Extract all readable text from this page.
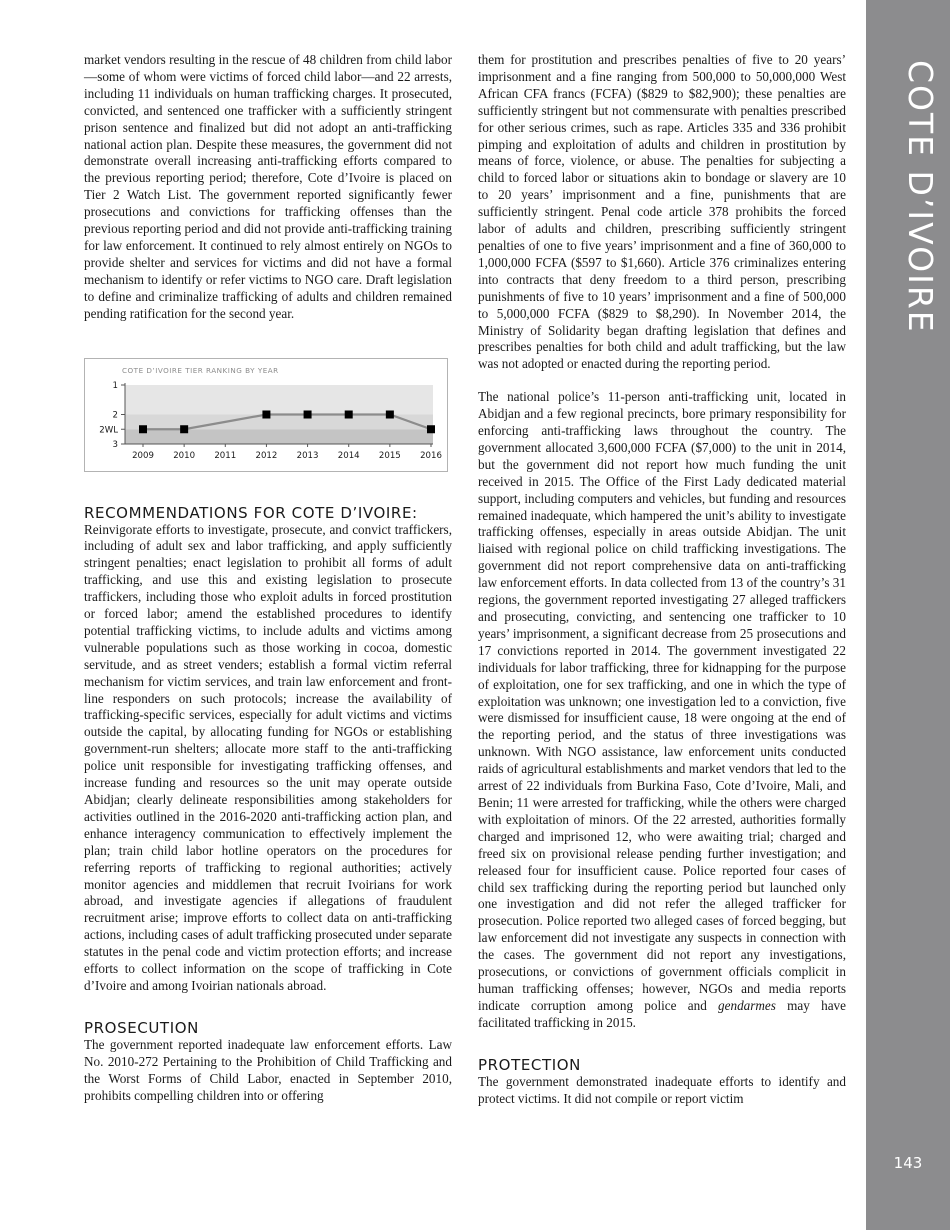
COTE D’IVOIRE
143

market vendors resulting in the rescue of 48 children from child labor—some of whom were victims of forced child labor—and 22 arrests, including 11 individuals on human trafficking charges. It prosecuted, convicted, and sentenced one trafficker with a sufficiently stringent prison sentence and finalized but did not adopt an anti-trafficking national action plan. Despite these measures, the government did not demonstrate overall increasing anti-trafficking efforts compared to the previous reporting period; therefore, Cote d’Ivoire is placed on Tier 2 Watch List. The government reported significantly fewer prosecutions and convictions for trafficking offenses than the previous reporting period and did not provide anti-trafficking training for law enforcement. It continued to rely almost entirely on NGOs to provide shelter and services for victims and did not have a formal mechanism to identify or refer victims to NGO care. Draft legislation to define and criminalize trafficking of adults and children remained pending ratification for the second year.

COTE D’IVOIRE TIER RANKING BY YEAR
1
2
2WL
3
2009 2010 2011 2012 2013 2014 2015 2016
RECOMMENDATIONS FOR COTE D’IVOIRE:

Reinvigorate efforts to investigate, prosecute, and convict traffickers, including of adult sex and labor trafficking, and apply sufficiently stringent penalties; enact legislation to prohibit all forms of adult trafficking, and use this and existing legislation to prosecute traffickers, including those who exploit adults in forced prostitution or forced labor; amend the established procedures to identify potential trafficking victims, to include adults and victims among vulnerable populations such as those working in cocoa, domestic servitude, and as street venders; establish a formal victim referral mechanism for victim services, and train law enforcement and front-line responders on such protocols; increase the availability of trafficking-specific services, especially for adult victims and victims outside the capital, by allocating funding for NGOs or establishing government-run shelters; allocate more staff to the anti-trafficking police unit responsible for investigating trafficking offenses, and increase funding and resources so the unit may operate outside Abidjan; clearly delineate responsibilities among stakeholders for activities outlined in the 2016-2020 anti-trafficking action plan, and enhance interagency communication to effectively implement the plan; train child labor hotline operators on the procedures for referring reports of trafficking to regional authorities; actively monitor agencies and middlemen that recruit Ivoirians for work abroad, and investigate agencies if allegations of fraudulent recruitment arise; improve efforts to collect data on anti-trafficking actions, including cases of adult trafficking prosecuted under separate statutes in the penal code and victim protection efforts; and increase efforts to collect information on the scope of trafficking in Cote d’Ivoire and among Ivoirian nationals abroad.

PROSECUTION

The government reported inadequate law enforcement efforts. Law No. 2010-272 Pertaining to the Prohibition of Child Trafficking and the Worst Forms of Child Labor, enacted in September 2010, prohibits compelling children into or offering

them for prostitution and prescribes penalties of five to 20 years’ imprisonment and a fine ranging from 500,000 to 50,000,000 West African CFA francs (FCFA) ($829 to $82,900); these penalties are sufficiently stringent but not commensurate with penalties prescribed for other serious crimes, such as rape. Articles 335 and 336 prohibit pimping and exploitation of adults and children in prostitution by means of force, violence, or abuse. The penalties for subjecting a child to forced labor or situations akin to bondage or slavery are 10 to 20 years’ imprisonment and a fine, punishments that are sufficiently stringent. Penal code article 378 prohibits the forced labor of adults and children, prescribing sufficiently stringent penalties of one to five years’ imprisonment and a fine of 360,000 to 1,000,000 FCFA ($597 to $1,660). Article 376 criminalizes entering into contracts that deny freedom to a third person, prescribing punishments of five to 10 years’ imprisonment and a fine of 500,000 to 5,000,000 FCFA ($829 to $8,290). In November 2014, the Ministry of Solidarity began drafting legislation that defines and prescribes penalties for both child and adult trafficking, but the law was not adopted or enacted during the reporting period.

The national police’s 11-person anti-trafficking unit, located in Abidjan and a few regional precincts, bore primary responsibility for enforcing anti-trafficking laws throughout the country. The government allocated 3,600,000 FCFA ($7,000) to the unit in 2014, but the government did not report how much funding the unit received in 2015. The Office of the First Lady dedicated material support, including computers and vehicles, but funding and resources remained inadequate, which hampered the unit’s ability to investigate trafficking offenses, especially in areas outside Abidjan. The unit liaised with regional police on child trafficking investigations. The government did not report comprehensive data on anti-trafficking law enforcement efforts. In data collected from 13 of the country’s 31 regions, the government reported investigating 27 alleged traffickers and prosecuting, convicting, and sentencing one trafficker to 10 years’ imprisonment, a significant decrease from 25 prosecutions and 17 convictions reported in 2014. The government investigated 22 individuals for labor trafficking, three for kidnapping for the purpose of exploitation, one for sex trafficking, and one in which the type of exploitation was unknown; one investigation led to a conviction, five were dismissed for insufficient cause, 18 were ongoing at the end of the reporting period, and the status of three investigations was unknown. With NGO assistance, law enforcement units conducted raids of agricultural establishments and market vendors that led to the arrest of 22 individuals from Burkina Faso, Cote d’Ivoire, Mali, and Benin; 11 were arrested for trafficking, while the others were charged with exploitation of minors. Of the 22 arrested, authorities formally charged and imprisoned 12, who were awaiting trial; charged and freed six on provisional release pending further investigation; and released four for insufficient cause. Police reported four cases of child sex trafficking during the reporting period but launched only one investigation and did not refer the alleged trafficker for prosecution. Police reported two alleged cases of forced begging, but law enforcement did not investigate any suspects in connection with the cases. The government did not report any investigations, prosecutions, or convictions of government officials complicit in human trafficking offenses; however, NGOs and media reports indicate corruption among police and gendarmes may have facilitated trafficking in 2015.

PROTECTION

The government demonstrated inadequate efforts to identify and protect victims. It did not compile or report victim
